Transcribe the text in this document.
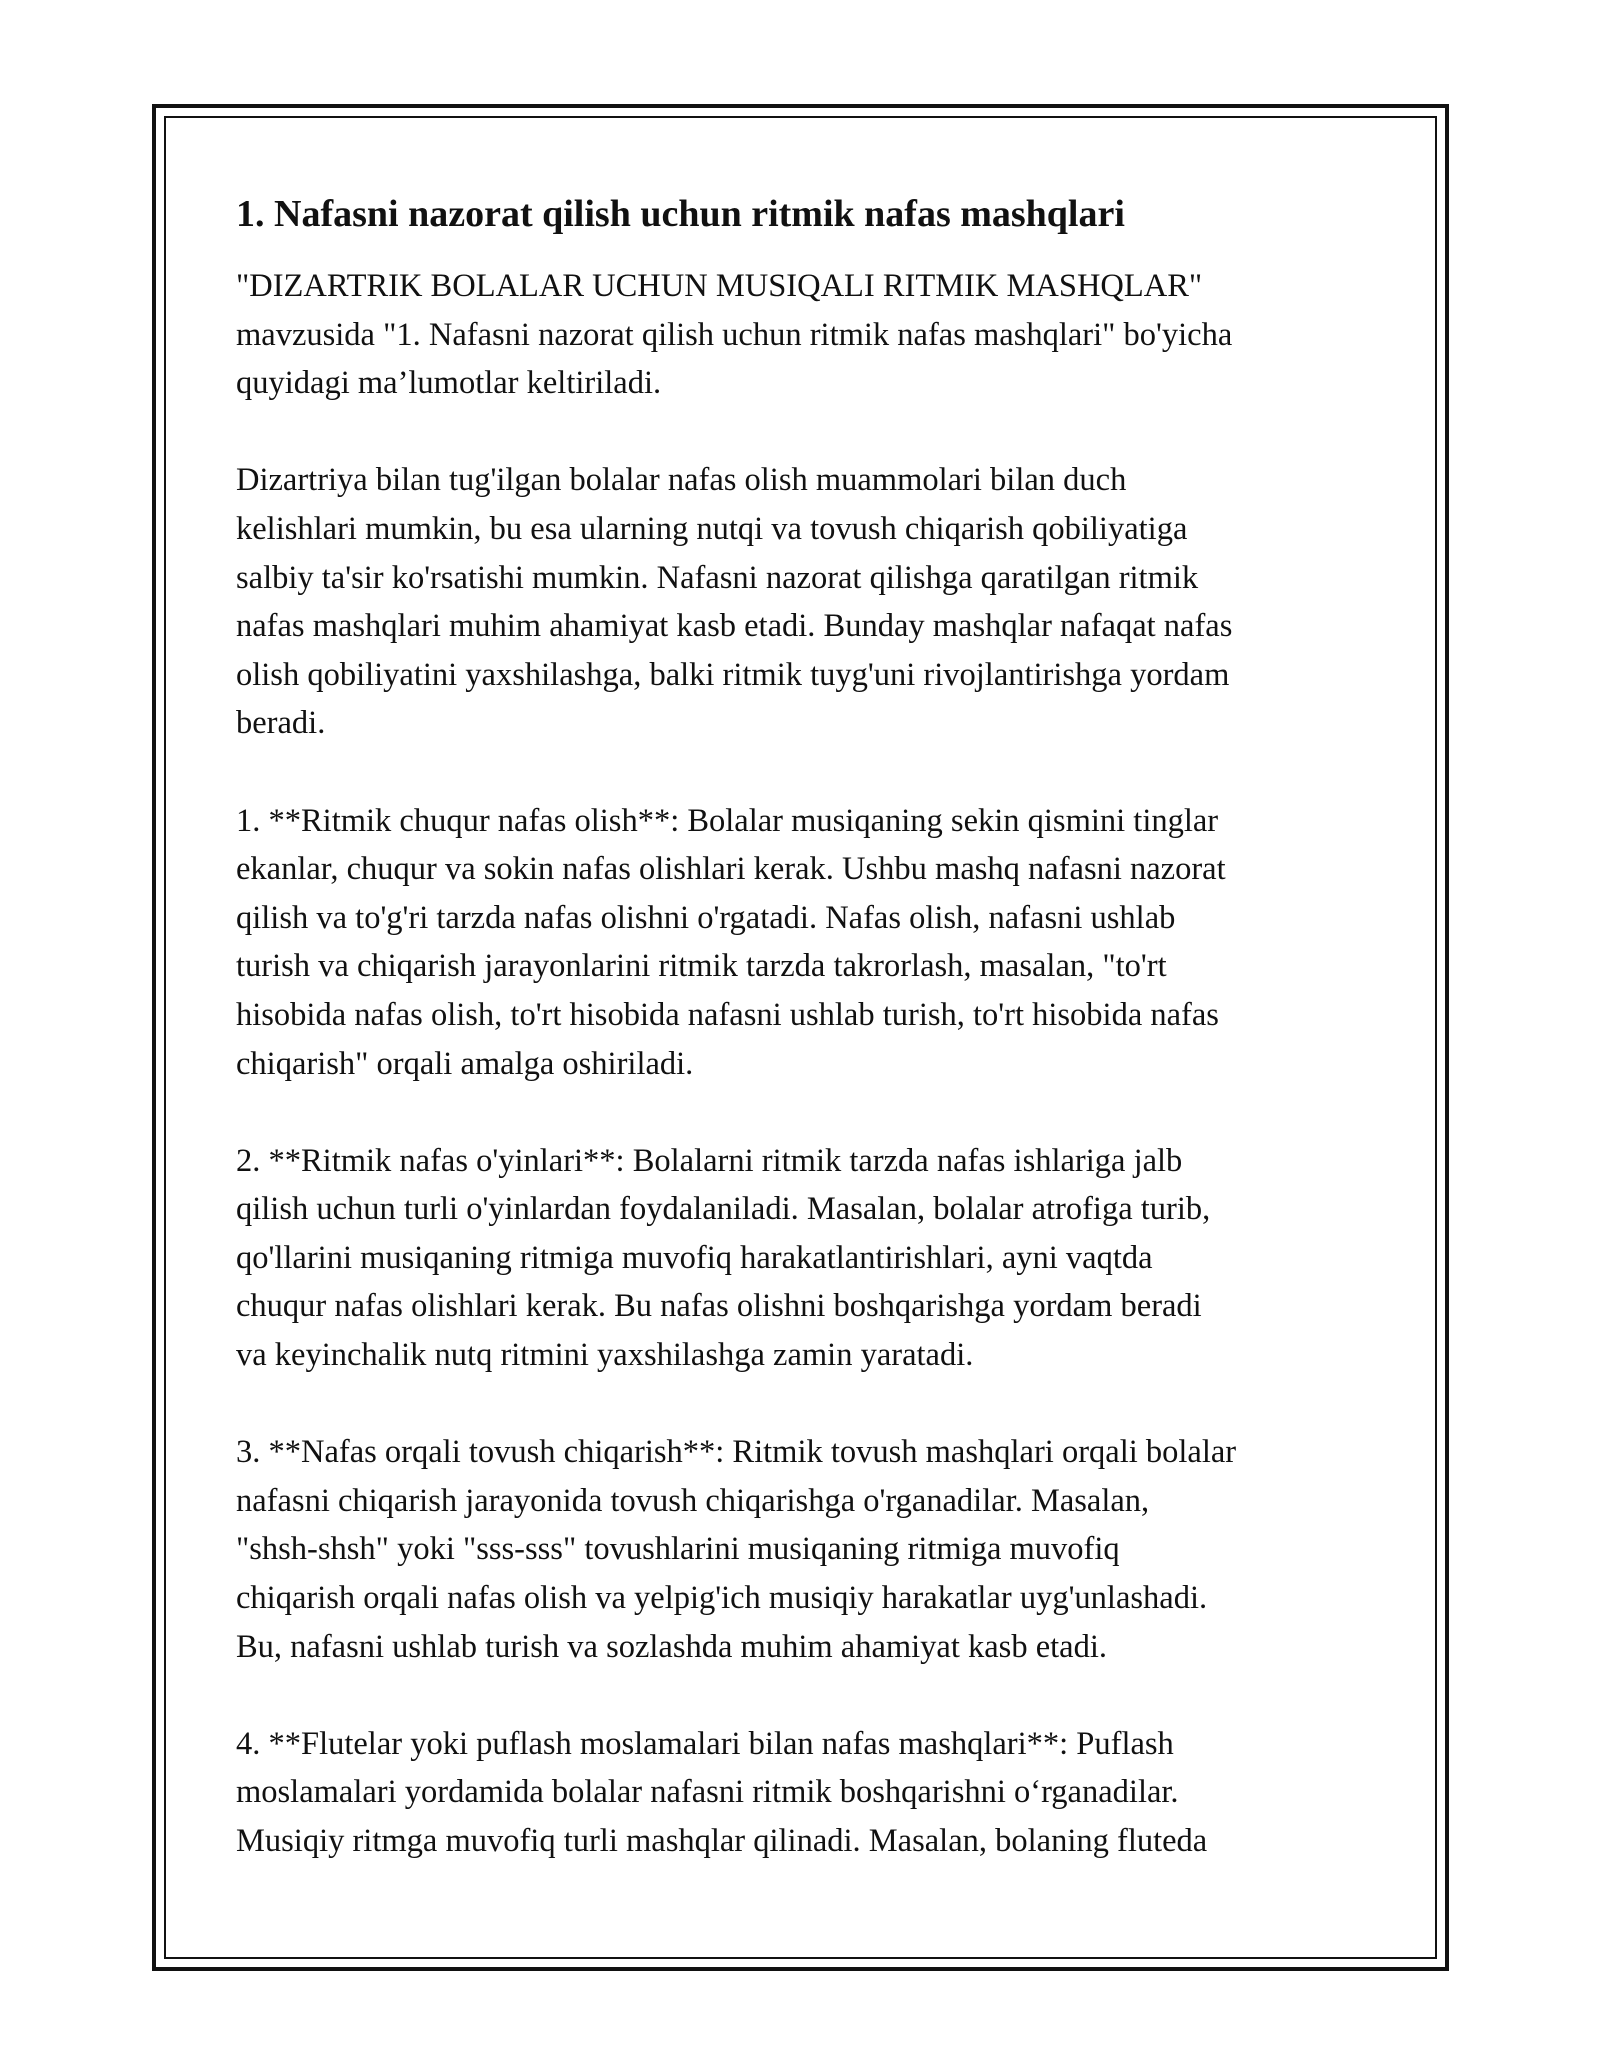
1. Nafasni nazorat qilish uchun ritmik nafas mashqlari
"DIZARTRIK BOLALAR UCHUN MUSIQALI RITMIK MASHQLAR"
mavzusida "1. Nafasni nazorat qilish uchun ritmik nafas mashqlari" bo'yicha
quyidagi ma’lumotlar keltiriladi.
Dizartriya bilan tug'ilgan bolalar nafas olish muammolari bilan duch
kelishlari mumkin, bu esa ularning nutqi va tovush chiqarish qobiliyatiga
salbiy ta'sir ko'rsatishi mumkin. Nafasni nazorat qilishga qaratilgan ritmik
nafas mashqlari muhim ahamiyat kasb etadi. Bunday mashqlar nafaqat nafas
olish qobiliyatini yaxshilashga, balki ritmik tuyg'uni rivojlantirishga yordam
beradi.
1. **Ritmik chuqur nafas olish**: Bolalar musiqaning sekin qismini tinglar
ekanlar, chuqur va sokin nafas olishlari kerak. Ushbu mashq nafasni nazorat
qilish va to'g'ri tarzda nafas olishni o'rgatadi. Nafas olish, nafasni ushlab
turish va chiqarish jarayonlarini ritmik tarzda takrorlash, masalan, "to'rt
hisobida nafas olish, to'rt hisobida nafasni ushlab turish, to'rt hisobida nafas
chiqarish" orqali amalga oshiriladi.
2. **Ritmik nafas o'yinlari**: Bolalarni ritmik tarzda nafas ishlariga jalb
qilish uchun turli o'yinlardan foydalaniladi. Masalan, bolalar atrofiga turib,
qo'llarini musiqaning ritmiga muvofiq harakatlantirishlari, ayni vaqtda
chuqur nafas olishlari kerak. Bu nafas olishni boshqarishga yordam beradi
va keyinchalik nutq ritmini yaxshilashga zamin yaratadi.
3. **Nafas orqali tovush chiqarish**: Ritmik tovush mashqlari orqali bolalar
nafasni chiqarish jarayonida tovush chiqarishga o'rganadilar. Masalan,
"shsh-shsh" yoki "sss-sss" tovushlarini musiqaning ritmiga muvofiq
chiqarish orqali nafas olish va yelpig'ich musiqiy harakatlar uyg'unlashadi.
Bu, nafasni ushlab turish va sozlashda muhim ahamiyat kasb etadi.
4. **Flutelar yoki puflash moslamalari bilan nafas mashqlari**: Puflash
moslamalari yordamida bolalar nafasni ritmik boshqarishni o‘rganadilar.
Musiqiy ritmga muvofiq turli mashqlar qilinadi. Masalan, bolaning fluteda
